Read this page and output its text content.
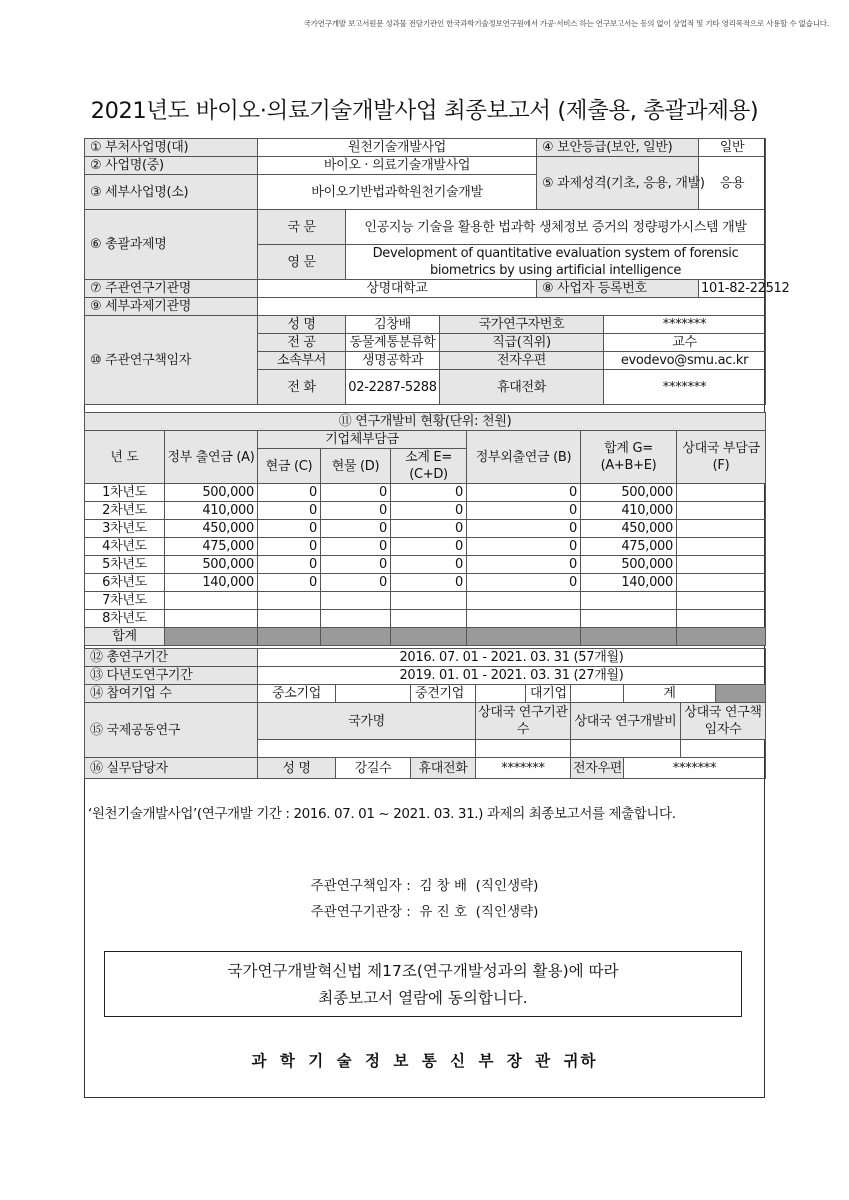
국가연구개발 보고서원문 성과물 전담기관인 한국과학기술정보연구원에서 가공·서비스 하는 연구보고서는 동의 없이 상업적 및 기타 영리목적으로 사용할 수 없습니다.
2021년도 바이오·의료기술개발사업 최종보고서 (제출용, 총괄과제용)
① 부처사업명(대)	원천기술개발사업			④ 보안등급(보안, 일반)		일반
② 사업명(중)	바이오 · 의료기술개발사업			⑤ 과제성격(기초, 응용, 개발)		응용
③ 세부사업명(소)	바이오기반법과학원천기술개발					
⑥ 총괄과제명	국 문	인공지능 기술을 활용한 법과학 생체정보 증거의 정량평가시스템 개발				
	영 문	Development of quantitative evaluation system of forensic biometrics by using artificial intelligence				
⑦ 주관연구기관명	상명대학교			⑧ 사업자 등록번호		101-82-22512
⑨ 세부과제기관명						
⑩ 주관연구책임자	성 명	김창배	국가연구자번호		*******	
	전 공	동물계통분류학	직급(직위)		교수	
	소속부서	생명공학과	전자우편		evodevo@smu.ac.kr	
	전 화	02-2287-5288	휴대전화		*******	
⑪ 연구개발비 현황(단위: 천원)							
년 도	정부 출연금 (A)	기업체부담금			정부외출연금 (B)	합계 G=(A+B+E)	상대국 부담금 (F)
		현금 (C)	현물 (D)	소계 E=(C+D)			
1차년도	500,000	0	0	0	0	500,000	
2차년도	410,000	0	0	0	0	410,000	
3차년도	450,000	0	0	0	0	450,000	
4차년도	475,000	0	0	0	0	475,000	
5차년도	500,000	0	0	0	0	500,000	
6차년도	140,000	0	0	0	0	140,000	
7차년도							
8차년도							
합계							
⑫ 총연구기간	2016. 07. 01 - 2021. 03. 31 (57개월)								
⑬ 다년도연구기간	2019. 01. 01 - 2021. 03. 31 (27개월)								
⑭ 참여기업 수	중소기업		중견기업		대기업		계		
⑮ 국제공동연구	국가명			상대국 연구기관수		상대국 연구개발비		상대국 연구책임자수	

⑯ 실무담당자	성 명	강길수	휴대전화	*******		전자우편	*******		
‘원천기술개발사업’(연구개발 기간 : 2016. 07. 01 ~ 2021. 03. 31.) 과제의 최종보고서를 제출합니다.
주관연구책임자 :  김 창 배  (직인생략)
주관연구기관장 :  유 진 호  (직인생략)
국가연구개발혁신법 제17조(연구개발성과의 활용)에 따라
최종보고서 열람에 동의합니다.
과 학 기 술 정 보 통 신 부 장 관 귀하
